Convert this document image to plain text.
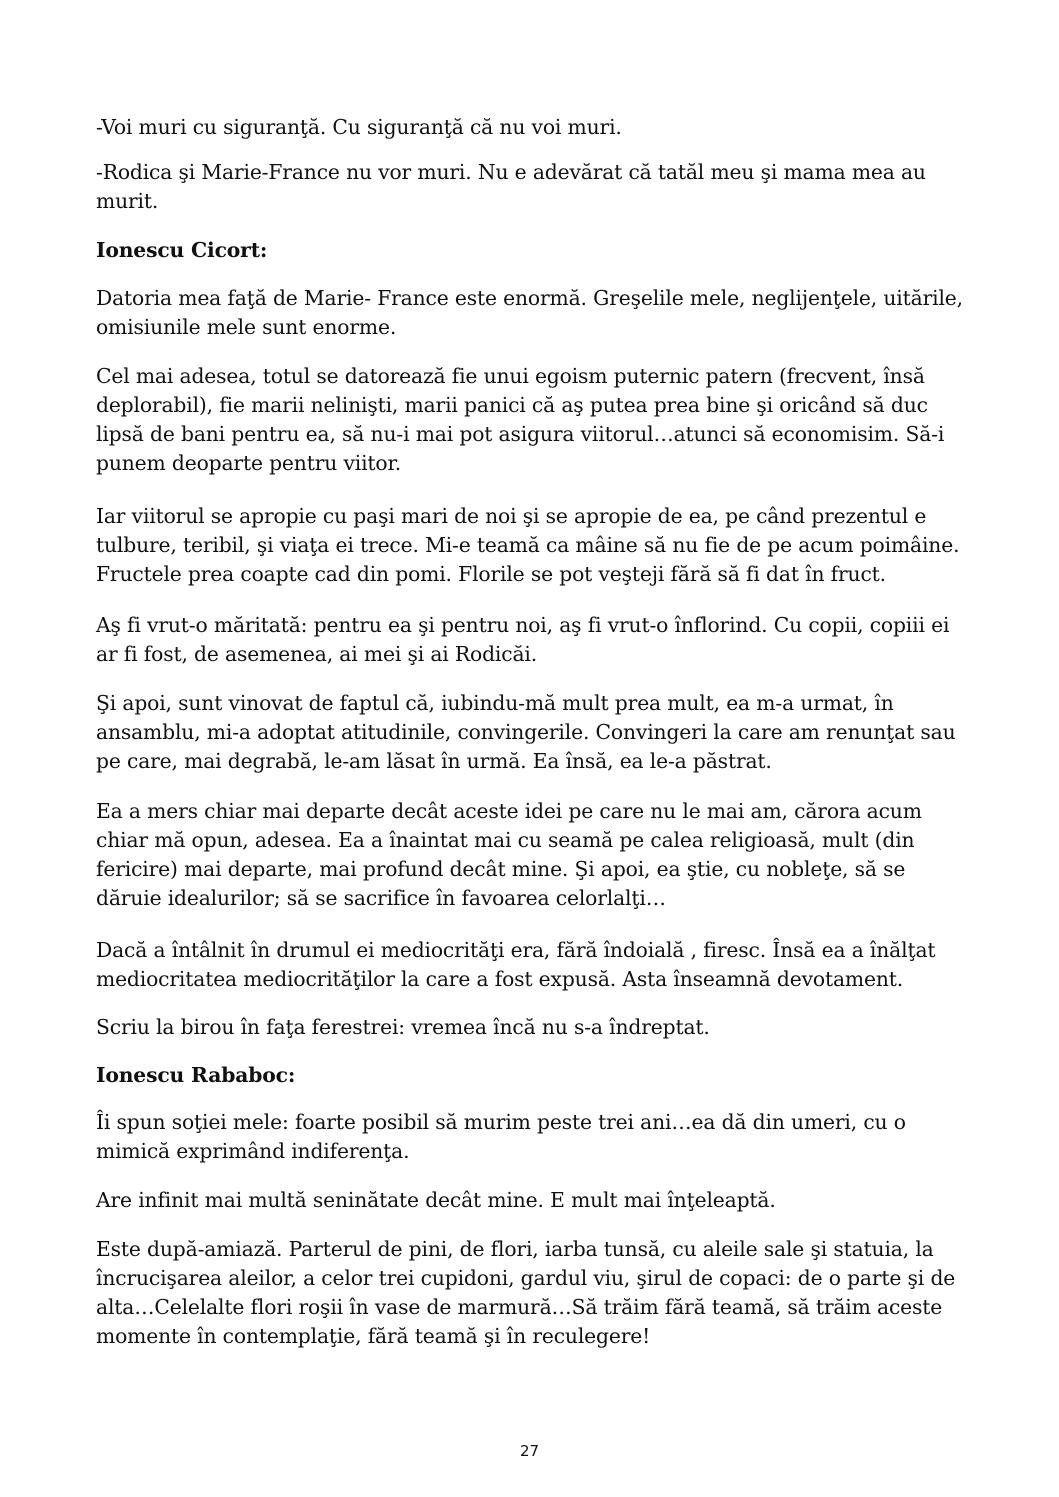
-Voi muri cu siguranţă. Cu siguranţă că nu voi muri.

-Rodica şi Marie-France nu vor muri. Nu e adevărat că tatăl meu şi mama mea au
murit.

Ionescu Cicort:

Datoria mea faţă de Marie- France este enormă. Greşelile mele, neglijenţele, uitările,
omisiunile mele sunt enorme.

Cel mai adesea, totul se datorează fie unui egoism puternic patern (frecvent, însă
deplorabil), fie marii nelinişti, marii panici că aş putea prea bine şi oricând să duc
lipsă de bani pentru ea, să nu-i mai pot asigura viitorul…atunci să economisim. Să-i
punem deoparte pentru viitor.

Iar viitorul se apropie cu paşi mari de noi şi se apropie de ea, pe când prezentul e
tulbure, teribil, şi viaţa ei trece. Mi-e teamă ca mâine să nu fie de pe acum poimâine.
Fructele prea coapte cad din pomi. Florile se pot veşteji fără să fi dat în fruct.

Aş fi vrut-o măritată: pentru ea şi pentru noi, aş fi vrut-o înflorind. Cu copii, copiii ei
ar fi fost, de asemenea, ai mei şi ai Rodicăi.

Şi apoi, sunt vinovat de faptul că, iubindu-mă mult prea mult, ea m-a urmat, în
ansamblu, mi-a adoptat atitudinile, convingerile. Convingeri la care am renunţat sau
pe care, mai degrabă, le-am lăsat în urmă. Ea însă, ea le-a păstrat.

Ea a mers chiar mai departe decât aceste idei pe care nu le mai am, cărora acum
chiar mă opun, adesea. Ea a înaintat mai cu seamă pe calea religioasă, mult (din
fericire) mai departe, mai profund decât mine. Şi apoi, ea ştie, cu nobleţe, să se
dăruie idealurilor; să se sacrifice în favoarea celorlalţi…

Dacă a întâlnit în drumul ei mediocrităţi era, fără îndoială , firesc. Însă ea a înălţat
mediocritatea mediocrităţilor la care a fost expusă. Asta înseamnă devotament.

Scriu la birou în faţa ferestrei: vremea încă nu s-a îndreptat.

Ionescu Rababoc:

Îi spun soţiei mele: foarte posibil să murim peste trei ani…ea dă din umeri, cu o
mimică exprimând indiferenţa.

Are infinit mai multă seninătate decât mine. E mult mai înţeleaptă.

Este după-amiază. Parterul de pini, de flori, iarba tunsă, cu aleile sale şi statuia, la
încrucişarea aleilor, a celor trei cupidoni, gardul viu, şirul de copaci: de o parte şi de
alta…Celelalte flori roşii în vase de marmură…Să trăim fără teamă, să trăim aceste
momente în contemplaţie, fără teamă şi în reculegere!

27
